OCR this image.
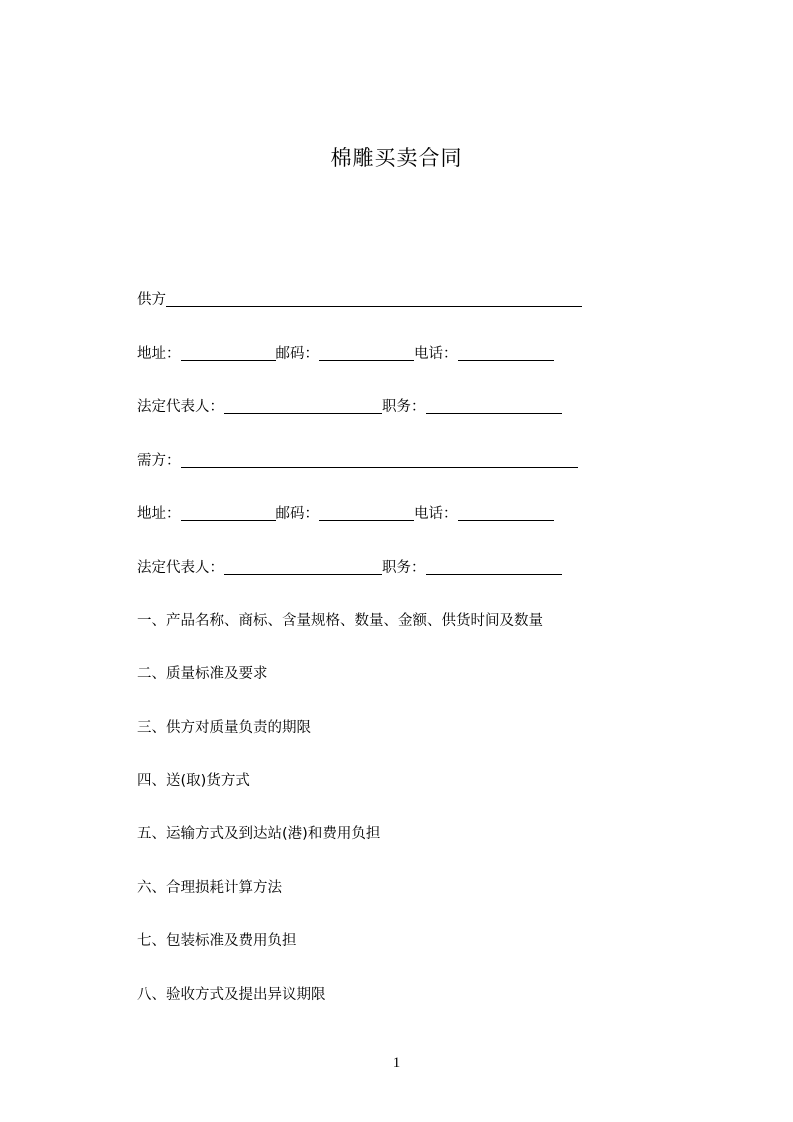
棉雕买卖合同
供方
地址：	邮码：	电话：
法定代表人：	职务：
需方：
地址：	邮码：	电话：
法定代表人：	职务：
一、产品名称、商标、含量规格、数量、金额、供货时间及数量
二、质量标准及要求
三、供方对质量负责的期限
四、送(取)货方式
五、运输方式及到达站(港)和费用负担
六、合理损耗计算方法
七、包装标准及费用负担
八、验收方式及提出异议期限
1
